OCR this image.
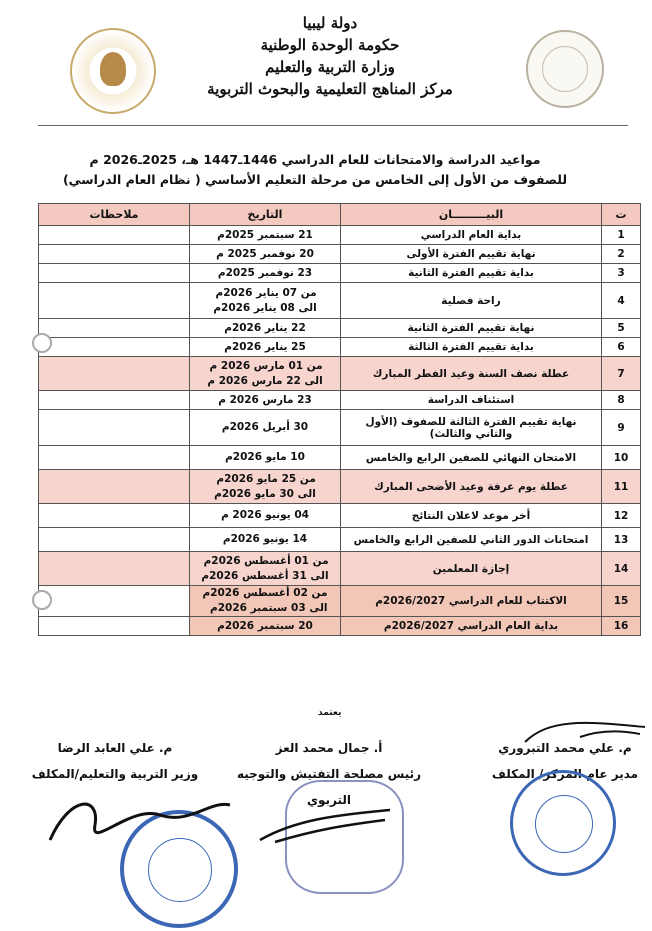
دولة ليبيا
حكومة الوحدة الوطنية
وزارة التربية والتعليم
مركز المناهج التعليمية والبحوث التربوية
مواعيد الدراسة والامتحانات للعام الدراسي 1446ـ1447 هـ، 2025ـ2026 م
للصفوف من الأول إلى الخامس من مرحلة التعليم الأساسي ( نظام العام الدراسي)
ت	البيـــــــــان	التاريخ	ملاحظات
1	بداية العام الدراسي	21 سبتمبر 2025م	

2	نهاية تقييم الفترة الأولى	20 نوفمبر 2025 م	

3	بداية تقييم الفترة الثانية	23 نوفمبر 2025م	

4	راحة فصلية	من 07 يناير 2026م
الى 08 يناير 2026م	

5	نهاية تقييم الفترة الثانية	22 يناير 2026م	

6	بداية تقييم الفترة الثالثة	25 يناير 2026م	

7	عطلة نصف السنة وعيد الفطر المبارك	من 01 مارس 2026 م
الى 22 مارس 2026 م	

8	استئناف الدراسة	23 مارس 2026 م	

9	نهاية تقييم الفترة الثالثة للصفوف (الأول والثاني والثالث)	30 أبريل 2026م	

10	الامتحان النهائي للصفين الرابع والخامس	10 مايو 2026م	

11	عطلة يوم عرفة وعيد الأضحى المبارك	من 25 مايو 2026م
الى 30 مايو 2026م	

12	أخر موعد لاعلان النتائج	04 يونيو 2026 م	

13	امتحانات الدور الثاني للصفين الرابع والخامس	14 يونيو 2026م	

14	إجازة المعلمين	من 01 أغسطس 2026م
الى 31 أغسطس 2026م	

15	الاكتتاب للعام الدراسي 2026/2027م	من 02 أغسطس 2026م
الى 03 سبتمبر 2026م	

16	بداية العام الدراسي 2026/2027م	20 سبتمبر 2026م	

يعتمد
م. علي محمد التبروري
مدير عام المركز/ المكلف
أ. جمال محمد العز
رئيس مصلحة التفتيش والتوجيه التربوي
م. علي العابد الرضا
وزير التربية والتعليم/المكلف
